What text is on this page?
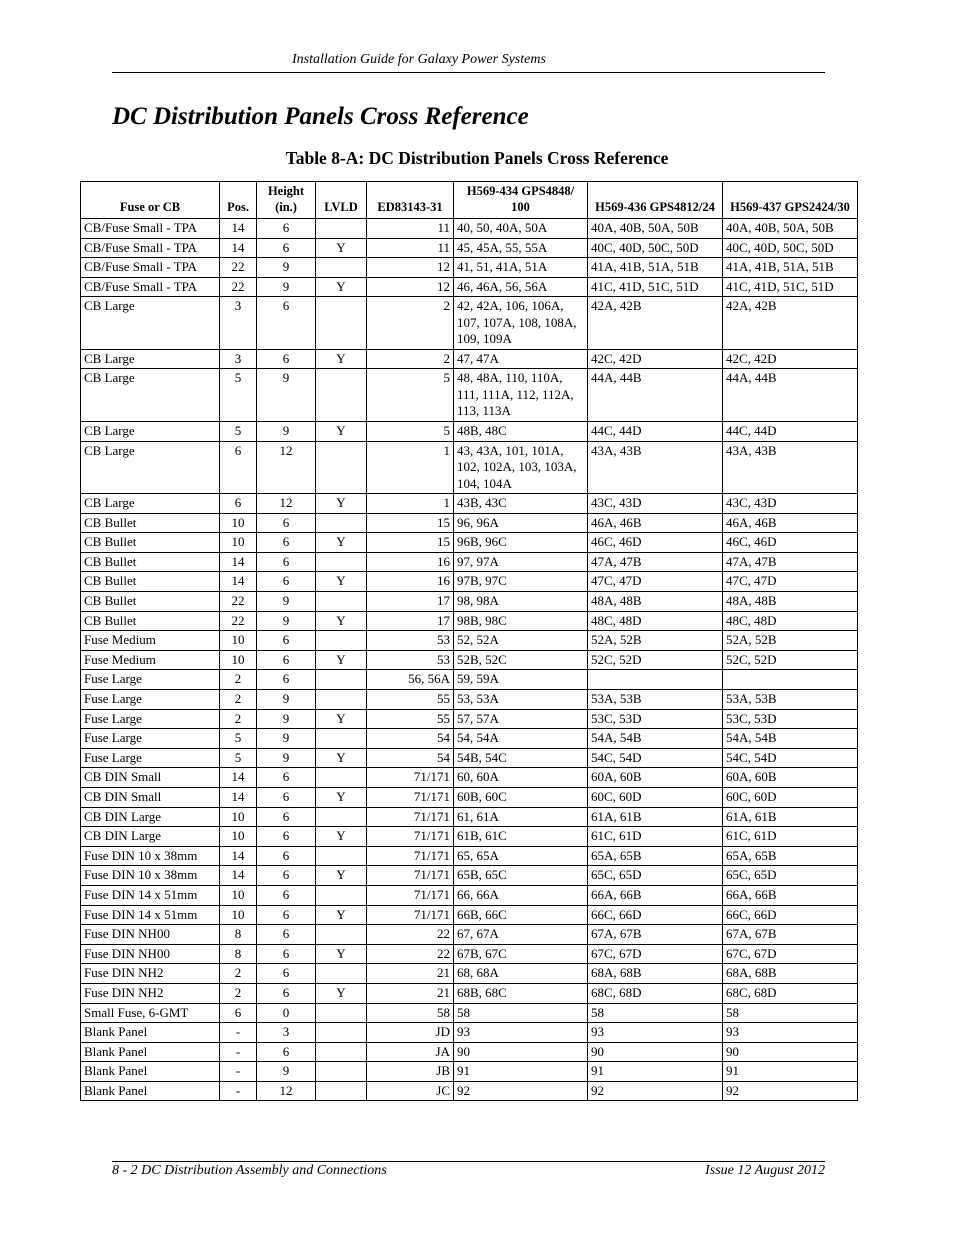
Installation Guide for Galaxy Power Systems
DC Distribution Panels Cross Reference
Table 8-A: DC Distribution Panels Cross Reference
Fuse or CB	Pos.	Height (in.)	LVLD	ED83143-31	H569-434 GPS4848/ 100	H569-436 GPS4812/24	H569-437 GPS2424/30
CB/Fuse Small - TPA	14	6		11	40, 50, 40A, 50A	40A, 40B, 50A, 50B	40A, 40B, 50A, 50B
CB/Fuse Small - TPA	14	6	Y	11	45, 45A, 55, 55A	40C, 40D, 50C, 50D	40C, 40D, 50C, 50D
CB/Fuse Small - TPA	22	9		12	41, 51, 41A, 51A	41A, 41B, 51A, 51B	41A, 41B, 51A, 51B
CB/Fuse Small - TPA	22	9	Y	12	46, 46A, 56, 56A	41C, 41D, 51C, 51D	41C, 41D, 51C, 51D
CB Large	3	6		2	42, 42A, 106, 106A, 107, 107A, 108, 108A, 109, 109A	42A, 42B	42A, 42B
CB Large	3	6	Y	2	47, 47A	42C, 42D	42C, 42D
CB Large	5	9		5	48, 48A, 110, 110A, 111, 111A, 112, 112A, 113, 113A	44A, 44B	44A, 44B
CB Large	5	9	Y	5	48B, 48C	44C, 44D	44C, 44D
CB Large	6	12		1	43, 43A, 101, 101A, 102, 102A, 103, 103A, 104, 104A	43A, 43B	43A, 43B
CB Large	6	12	Y	1	43B, 43C	43C, 43D	43C, 43D
CB Bullet	10	6		15	96, 96A	46A, 46B	46A, 46B
CB Bullet	10	6	Y	15	96B, 96C	46C, 46D	46C, 46D
CB Bullet	14	6		16	97, 97A	47A, 47B	47A, 47B
CB Bullet	14	6	Y	16	97B, 97C	47C, 47D	47C, 47D
CB Bullet	22	9		17	98, 98A	48A, 48B	48A, 48B
CB Bullet	22	9	Y	17	98B, 98C	48C, 48D	48C, 48D
Fuse Medium	10	6		53	52, 52A	52A, 52B	52A, 52B
Fuse Medium	10	6	Y	53	52B, 52C	52C, 52D	52C, 52D
Fuse Large	2	6		56, 56A	59, 59A		
Fuse Large	2	9		55	53, 53A	53A, 53B	53A, 53B
Fuse Large	2	9	Y	55	57, 57A	53C, 53D	53C, 53D
Fuse Large	5	9		54	54, 54A	54A, 54B	54A, 54B
Fuse Large	5	9	Y	54	54B, 54C	54C, 54D	54C, 54D
CB DIN Small	14	6		71/171	60, 60A	60A, 60B	60A, 60B
CB DIN Small	14	6	Y	71/171	60B, 60C	60C, 60D	60C, 60D
CB DIN Large	10	6		71/171	61, 61A	61A, 61B	61A, 61B
CB DIN Large	10	6	Y	71/171	61B, 61C	61C, 61D	61C, 61D
Fuse DIN 10 x 38mm	14	6		71/171	65, 65A	65A, 65B	65A, 65B
Fuse DIN 10 x 38mm	14	6	Y	71/171	65B, 65C	65C, 65D	65C, 65D
Fuse DIN 14 x 51mm	10	6		71/171	66, 66A	66A, 66B	66A, 66B
Fuse DIN 14 x 51mm	10	6	Y	71/171	66B, 66C	66C, 66D	66C, 66D
Fuse DIN NH00	8	6		22	67, 67A	67A, 67B	67A, 67B
Fuse DIN NH00	8	6	Y	22	67B, 67C	67C, 67D	67C, 67D
Fuse DIN NH2	2	6		21	68, 68A	68A, 68B	68A, 68B
Fuse DIN NH2	2	6	Y	21	68B, 68C	68C, 68D	68C, 68D
Small Fuse, 6-GMT	6	0		58	58	58	58
Blank Panel	-	3		JD	93	93	93
Blank Panel	-	6		JA	90	90	90
Blank Panel	-	9		JB	91	91	91
Blank Panel	-	12		JC	92	92	92
8 - 2 DC Distribution Assembly and Connections	Issue 12 August 2012
